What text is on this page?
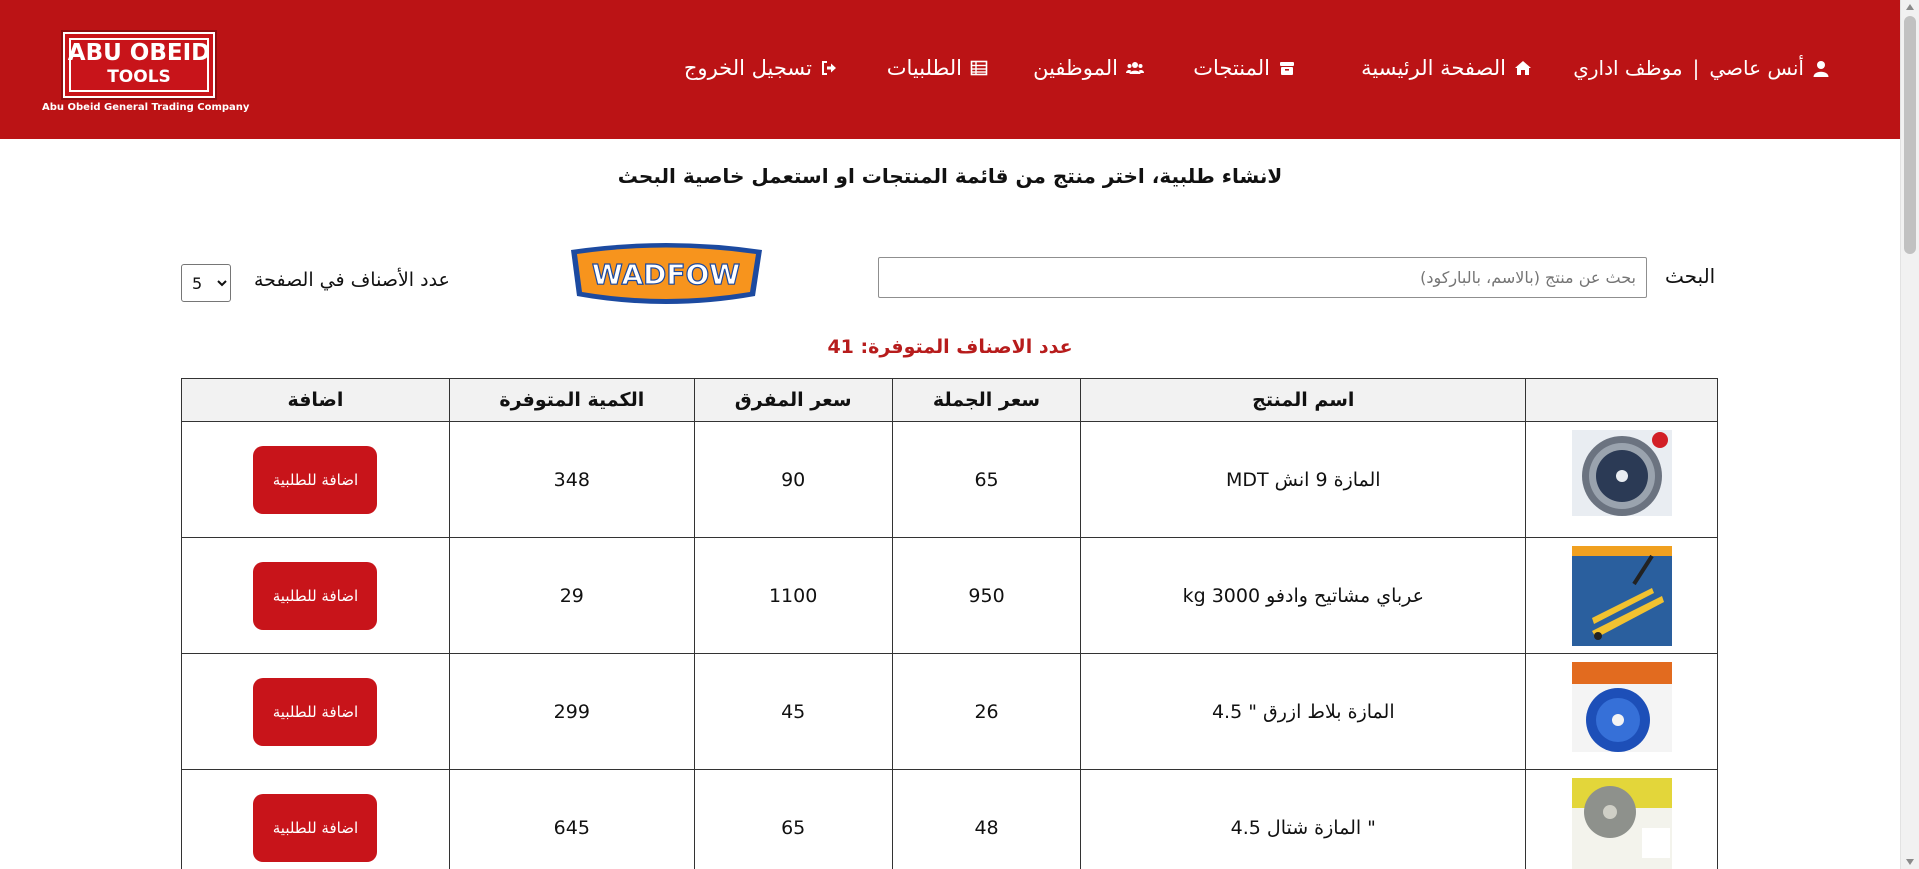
ABU OBEID
TOOLS
Abu Obeid General Trading Company
الصفحة الرئيسية
المنتجات
الموظفين
الطلبيات
تسجيل الخروج	أنس عاصي
|
موظف اداري
لانشاء طلبية، اختر منتج من قائمة المنتجات او استعمل خاصية البحث
البحث
بحث عن منتج (بالاسم، بالباركود)
WADFOW
عدد الأصناف في الصفحة
5
عدد الاصناف المتوفرة: 41
	اسم المنتج	سعر الجملة	سعر المفرق	الكمية المتوفرة	اضافة

	المازة 9 انش MDT	65	90	348	اضافة للطلبية

	عرباي مشاتيح وادفو 3000 kg	950	1100	29	اضافة للطلبية

	المازة بلاط ازرق " 4.5	26	45	299	اضافة للطلبية

	" المازة شتال 4.5	48	65	645	اضافة للطلبية
